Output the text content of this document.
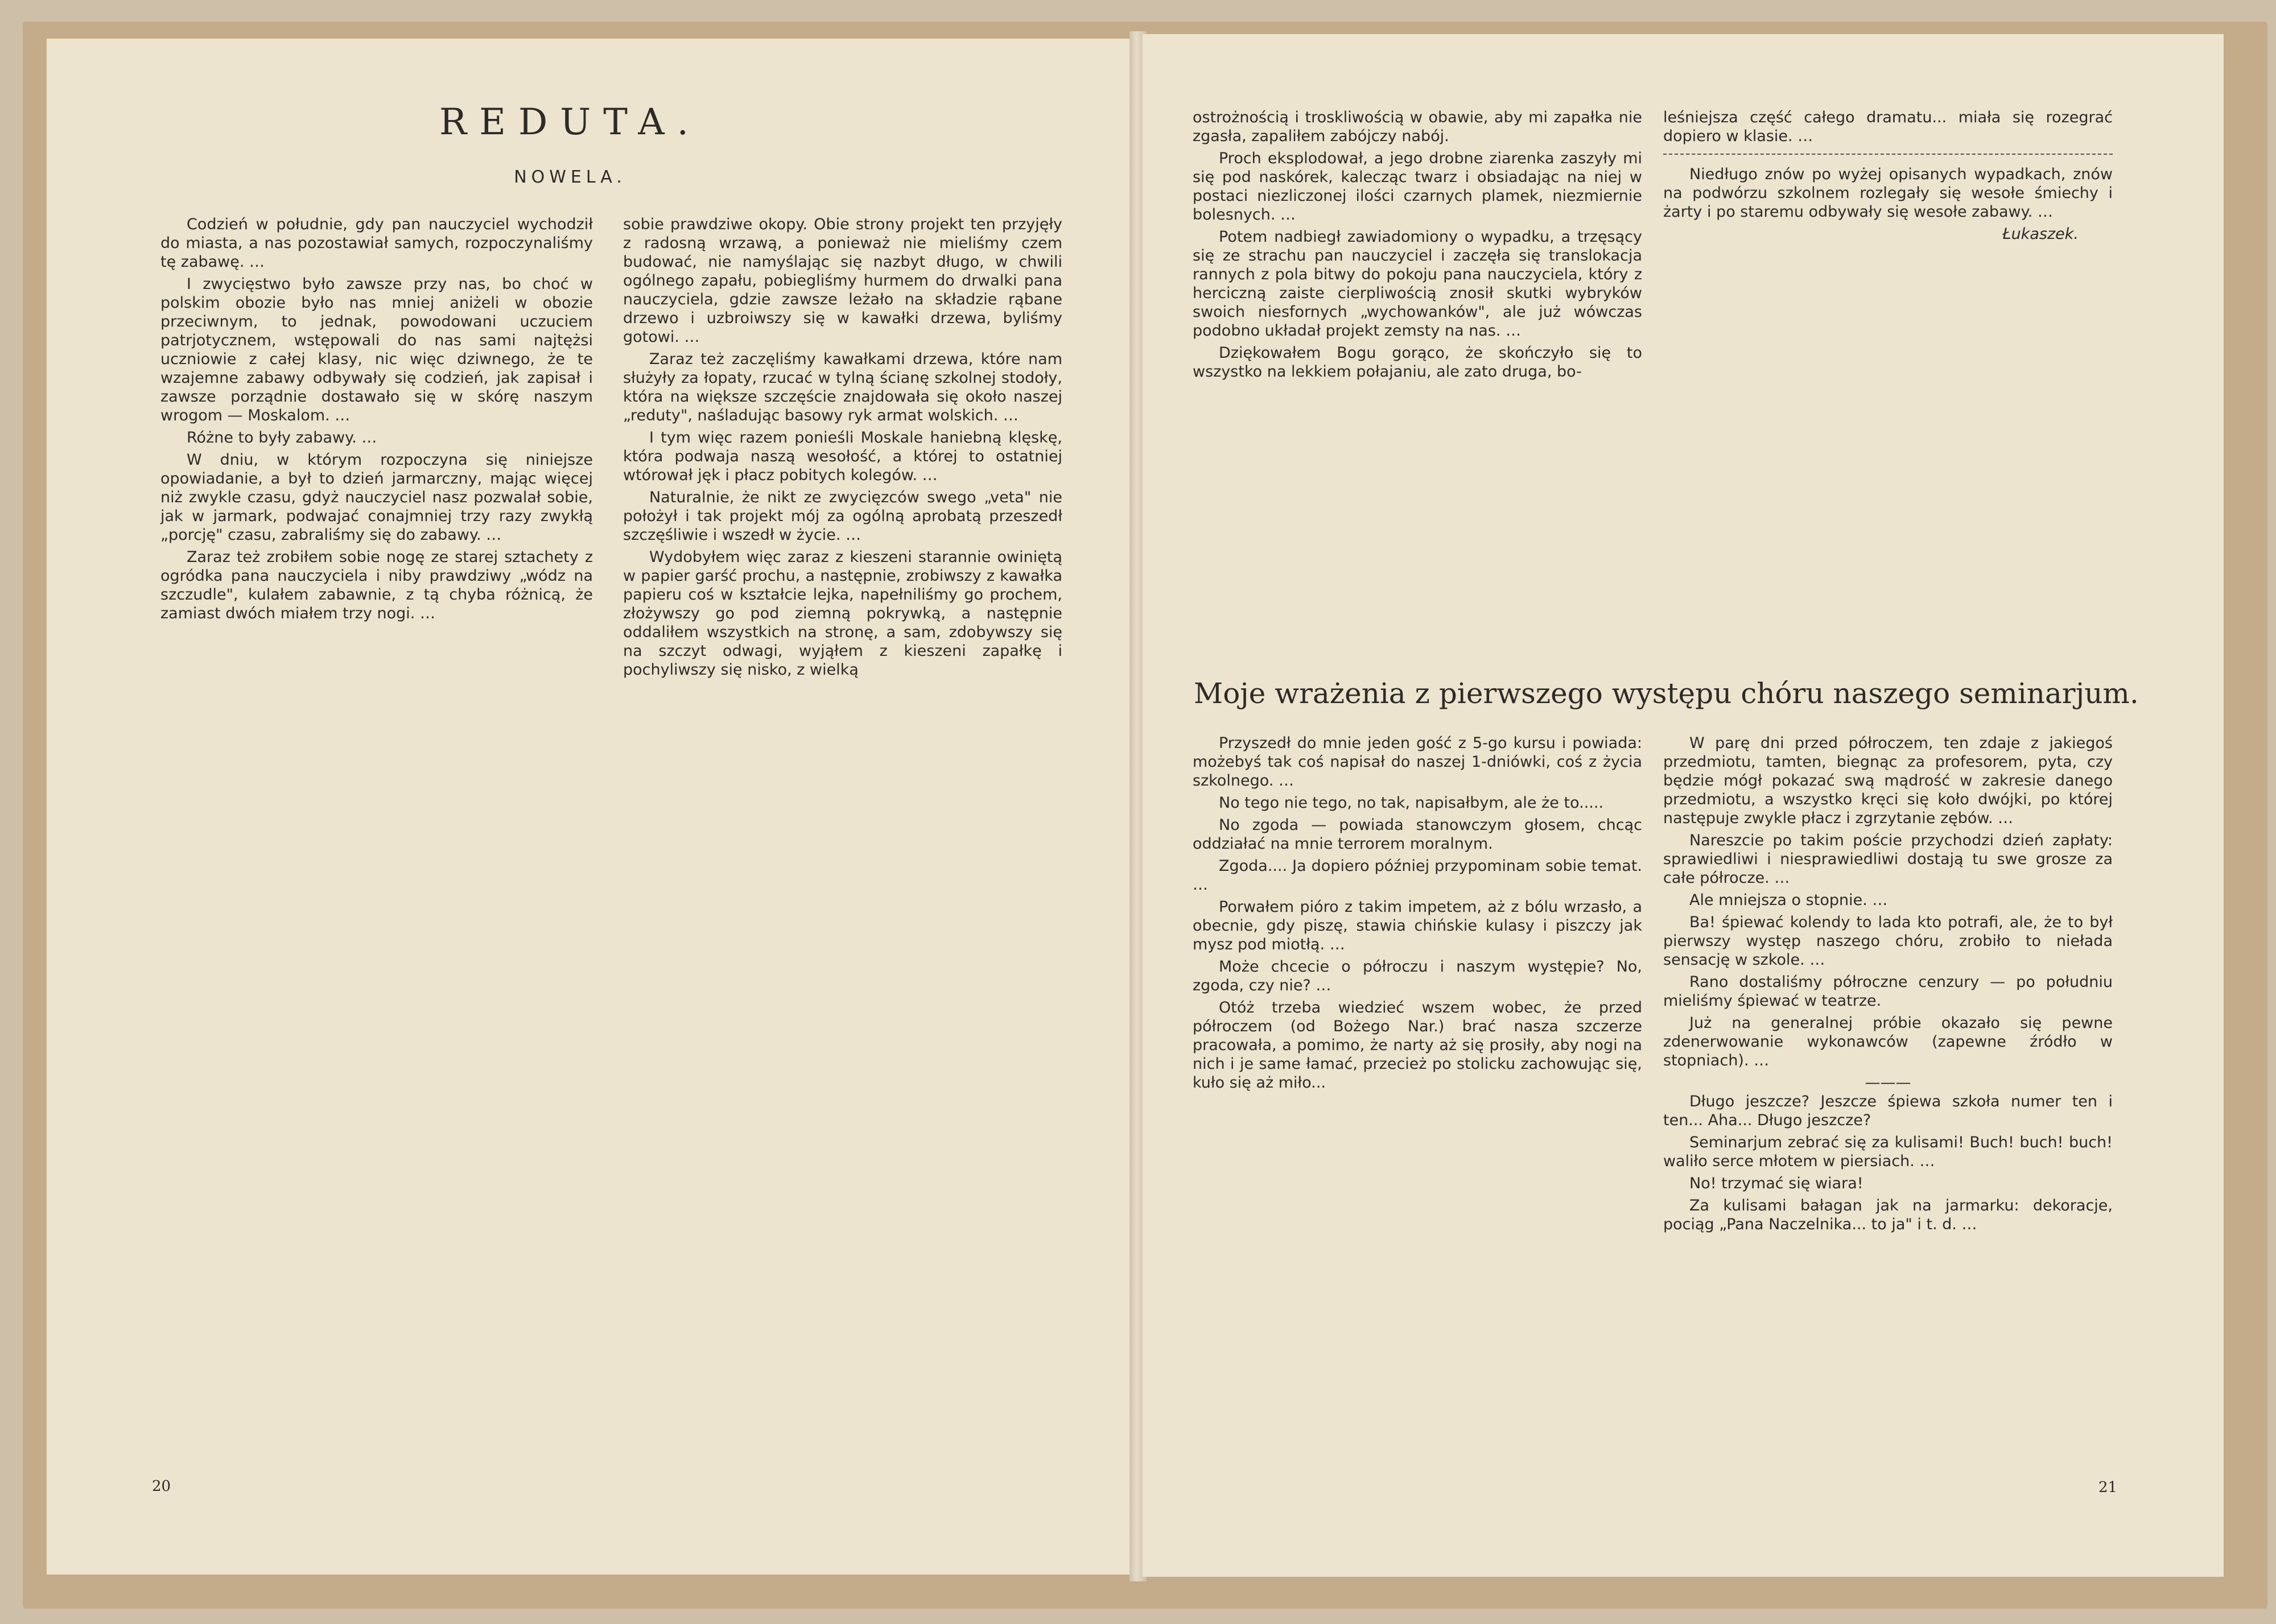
REDUTA.
NOWELA.

Codzień w południe, gdy pan nauczyciel wychodził do miasta, a nas pozostawiał samych, rozpoczynaliśmy tę zabawę. …

I zwycięstwo było zawsze przy nas, bo choć w polskim obozie było nas mniej aniżeli w obozie przeciwnym, to jednak, powodowani uczuciem patrjotycznem, wstępowali do nas sami najtężsi uczniowie z całej klasy, nic więc dziwnego, że te wzajemne zabawy odbywały się codzień, jak zapisał i zawsze porządnie dostawało się w skórę naszym wrogom — Moskalom. …

Różne to były zabawy. …

W dniu, w którym rozpoczyna się niniejsze opowiadanie, a był to dzień jarmarczny, mając więcej niż zwykle czasu, gdyż nauczyciel nasz pozwalał sobie, jak w jarmark, podwajać conajmniej trzy razy zwykłą „porcję" czasu, zabraliśmy się do zabawy. …

Zaraz też zrobiłem sobie nogę ze starej sztachety z ogródka pana nauczyciela i niby prawdziwy „wódz na szczudle", kulałem zabawnie, z tą chyba różnicą, że zamiast dwóch miałem trzy nogi. …

sobie prawdziwe okopy. Obie strony projekt ten przyjęły z radosną wrzawą, a ponieważ nie mieliśmy czem budować, nie namyślając się nazbyt długo, w chwili ogólnego zapału, pobiegliśmy hurmem do drwalki pana nauczyciela, gdzie zawsze leżało na składzie rąbane drzewo i uzbroiwszy się w kawałki drzewa, byliśmy gotowi. …

Zaraz też zaczęliśmy kawałkami drzewa, które nam służyły za łopaty, rzucać w tylną ścianę szkolnej stodoły, która na większe szczęście znajdowała się około naszej „reduty", naśladując basowy ryk armat wolskich. …

I tym więc razem ponieśli Moskale haniebną klęskę, która podwaja naszą wesołość, a której to ostatniej wtórował jęk i płacz pobitych kolegów. …

Naturalnie, że nikt ze zwycięzców swego „veta" nie położył i tak projekt mój za ogólną aprobatą przeszedł szczęśliwie i wszedł w życie. …

Wydobyłem więc zaraz z kieszeni starannie owiniętą w papier garść prochu, a następnie, zrobiwszy z kawałka papieru coś w kształcie lejka, napełniliśmy go prochem, złożywszy go pod ziemną pokrywką, a następnie oddaliłem wszystkich na stronę, a sam, zdobywszy się na szczyt odwagi, wyjąłem z kieszeni zapałkę i pochyliwszy się nisko, z wielką

20

ostrożnością i troskliwością w obawie, aby mi zapałka nie zgasła, zapaliłem zabójczy nabój.

Proch eksplodował, a jego drobne ziarenka zaszyły mi się pod naskórek, kalecząc twarz i obsiadając na niej w postaci niezliczonej ilości czarnych plamek, niezmiernie bolesnych. …

Potem nadbiegł zawiadomiony o wypadku, a trzęsący się ze strachu pan nauczyciel i zaczęła się translokacja rannych z pola bitwy do pokoju pana nauczyciela, który z herciczną zaiste cierpliwością znosił skutki wybryków swoich niesfornych „wychowanków", ale już wówczas podobno układał projekt zemsty na nas. …

Dziękowałem Bogu gorąco, że skończyło się to wszystko na lekkiem połajaniu, ale zato druga, bo-

leśniejsza część całego dramatu... miała się rozegrać dopiero w klasie. …

Niedługo znów po wyżej opisanych wypadkach, znów na podwórzu szkolnem rozlegały się wesołe śmiechy i żarty i po staremu odbywały się wesołe zabawy. …

Łukaszek.
Moje wrażenia z pierwszego występu chóru naszego seminarjum.

Przyszedł do mnie jeden gość z 5-go kursu i powiada: możebyś tak coś napisał do naszej 1-dniówki, coś z życia szkolnego. …

No tego nie tego, no tak, napisałbym, ale że to.....

No zgoda — powiada stanowczym głosem, chcąc oddziałać na mnie terrorem moralnym.

Zgoda.... Ja dopiero później przypominam sobie temat. …

Porwałem pióro z takim impetem, aż z bólu wrzasło, a obecnie, gdy piszę, stawia chińskie kulasy i piszczy jak mysz pod miotłą. …

Może chcecie o półroczu i naszym występie? No, zgoda, czy nie? …

Otóż trzeba wiedzieć wszem wobec, że przed półroczem (od Bożego Nar.) brać nasza szczerze pracowała, a pomimo, że narty aż się prosiły, aby nogi na nich i je same łamać, przecież po stolicku zachowując się, kuło się aż miło...

W parę dni przed półroczem, ten zdaje z jakiegoś przedmiotu, tamten, biegnąc za profesorem, pyta, czy będzie mógł pokazać swą mądrość w zakresie danego przedmiotu, a wszystko kręci się koło dwójki, po której następuje zwykle płacz i zgrzytanie zębów. …

Nareszcie po takim poście przychodzi dzień zapłaty: sprawiedliwi i niesprawiedliwi dostają tu swe grosze za całe półrocze. …

Ale mniejsza o stopnie. …

Ba! śpiewać kolendy to lada kto potrafi, ale, że to był pierwszy występ naszego chóru, zrobiło to niełada sensację w szkole. …

Rano dostaliśmy półroczne cenzury — po południu mieliśmy śpiewać w teatrze.

Już na generalnej próbie okazało się pewne zdenerwowanie wykonawców (zapewne źródło w stopniach). …

———

Długo jeszcze? Jeszcze śpiewa szkoła numer ten i ten... Aha... Długo jeszcze?

Seminarjum zebrać się za kulisami! Buch! buch! buch! waliło serce młotem w piersiach. …

No! trzymać się wiara!

Za kulisami bałagan jak na jarmarku: dekoracje, pociąg „Pana Naczelnika... to ja" i t. d. …

21
